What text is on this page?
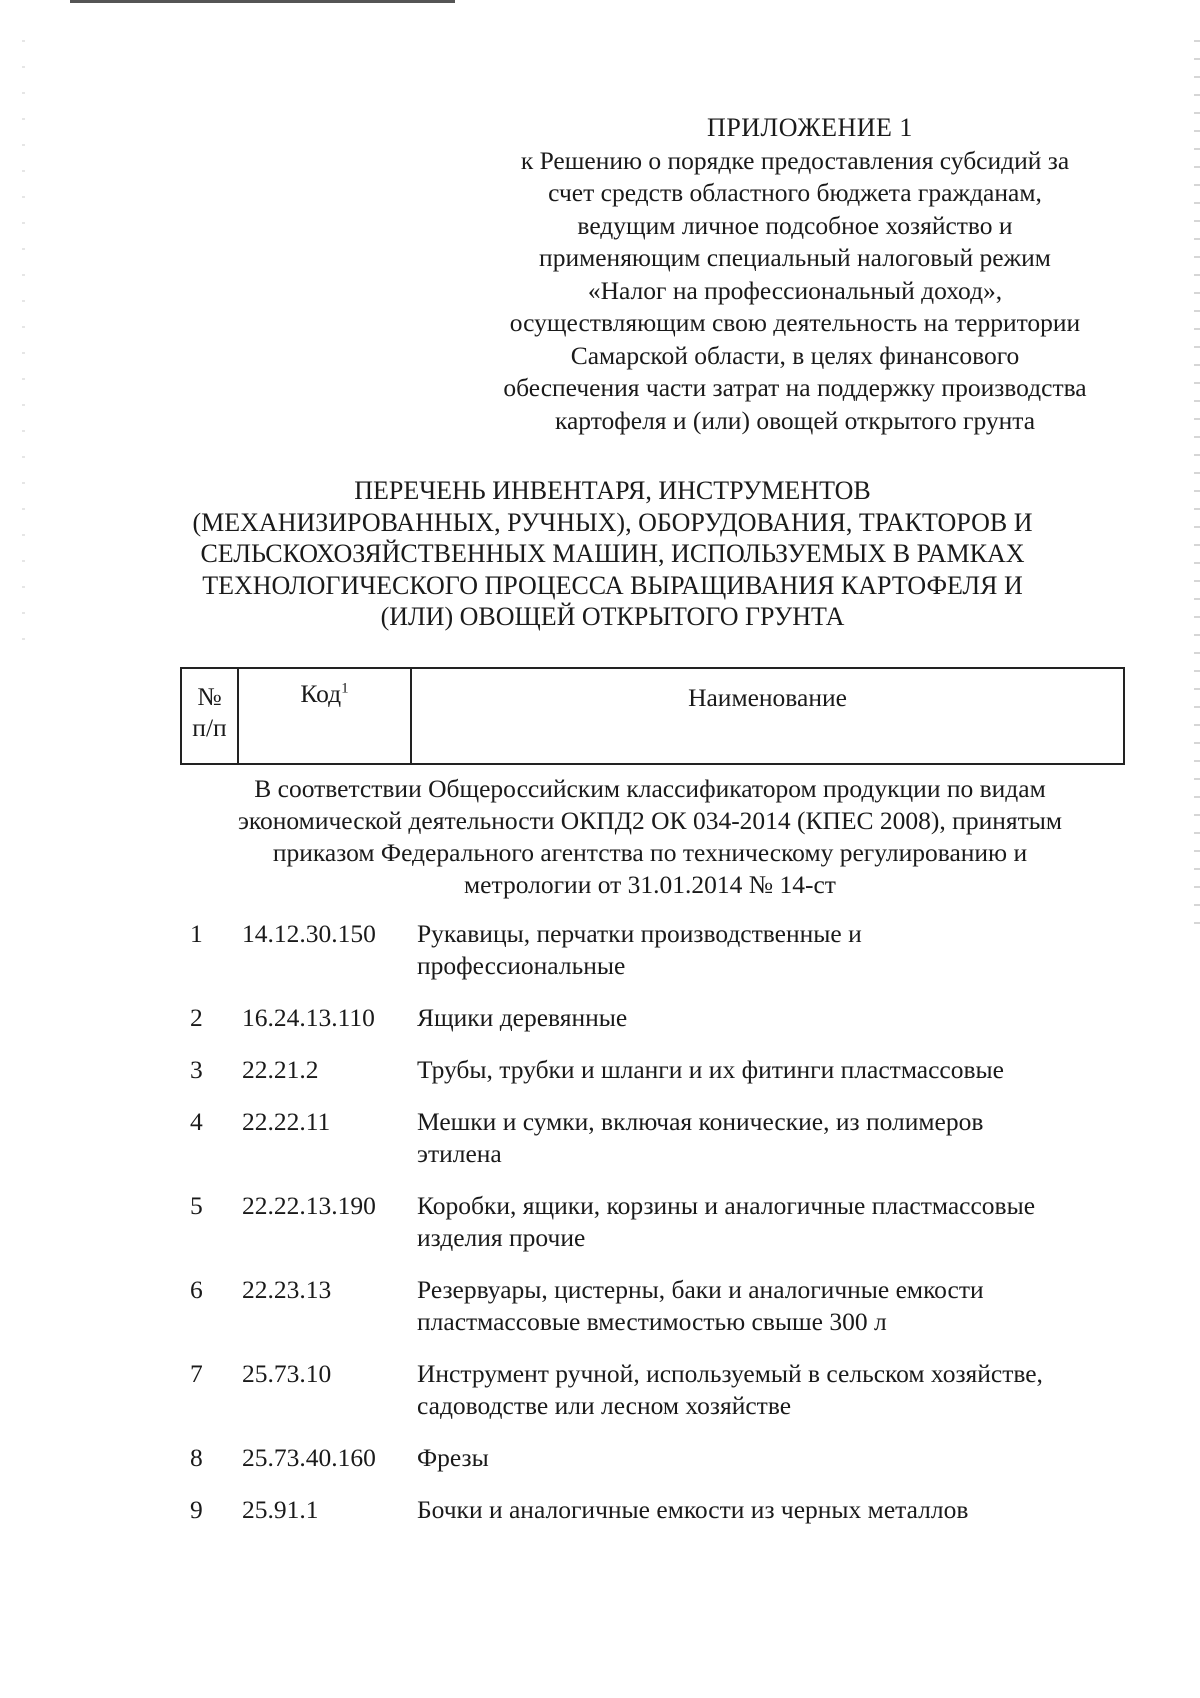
ПРИЛОЖЕНИЕ 1
к Решению о порядке предоставления субсидий за
счет средств областного бюджета гражданам,
ведущим личное подсобное хозяйство и
применяющим специальный налоговый режим
«Налог на профессиональный доход»,
осуществляющим свою деятельность на территории
Самарской области, в целях финансового
обеспечения части затрат на поддержку производства
картофеля и (или) овощей открытого грунта
ПЕРЕЧЕНЬ ИНВЕНТАРЯ, ИНСТРУМЕНТОВ
(МЕХАНИЗИРОВАННЫХ, РУЧНЫХ), ОБОРУДОВАНИЯ, ТРАКТОРОВ И
СЕЛЬСКОХОЗЯЙСТВЕННЫХ МАШИН, ИСПОЛЬЗУЕМЫХ В РАМКАХ
ТЕХНОЛОГИЧЕСКОГО ПРОЦЕССА ВЫРАЩИВАНИЯ КАРТОФЕЛЯ И
(ИЛИ) ОВОЩЕЙ ОТКРЫТОГО ГРУНТА
№
п/п	Код$^1$	Наименование
В соответствии Общероссийским классификатором продукции по видам
экономической деятельности ОКПД2 ОК 034-2014 (КПЕС 2008), принятым
приказом Федерального агентства по техническому регулированию и
метрологии от 31.01.2014 № 14-ст
1	14.12.30.150	Рукавицы, перчатки производственные и
профессиональные
2	16.24.13.110	Ящики деревянные
3	22.21.2	Трубы, трубки и шланги и их фитинги пластмассовые
4	22.22.11	Мешки и сумки, включая конические, из полимеров
этилена
5	22.22.13.190	Коробки, ящики, корзины и аналогичные пластмассовые
изделия прочие
6	22.23.13	Резервуары, цистерны, баки и аналогичные емкости
пластмассовые вместимостью свыше 300 л
7	25.73.10	Инструмент ручной, используемый в сельском хозяйстве,
садоводстве или лесном хозяйстве
8	25.73.40.160	Фрезы
9	25.91.1	Бочки и аналогичные емкости из черных металлов
